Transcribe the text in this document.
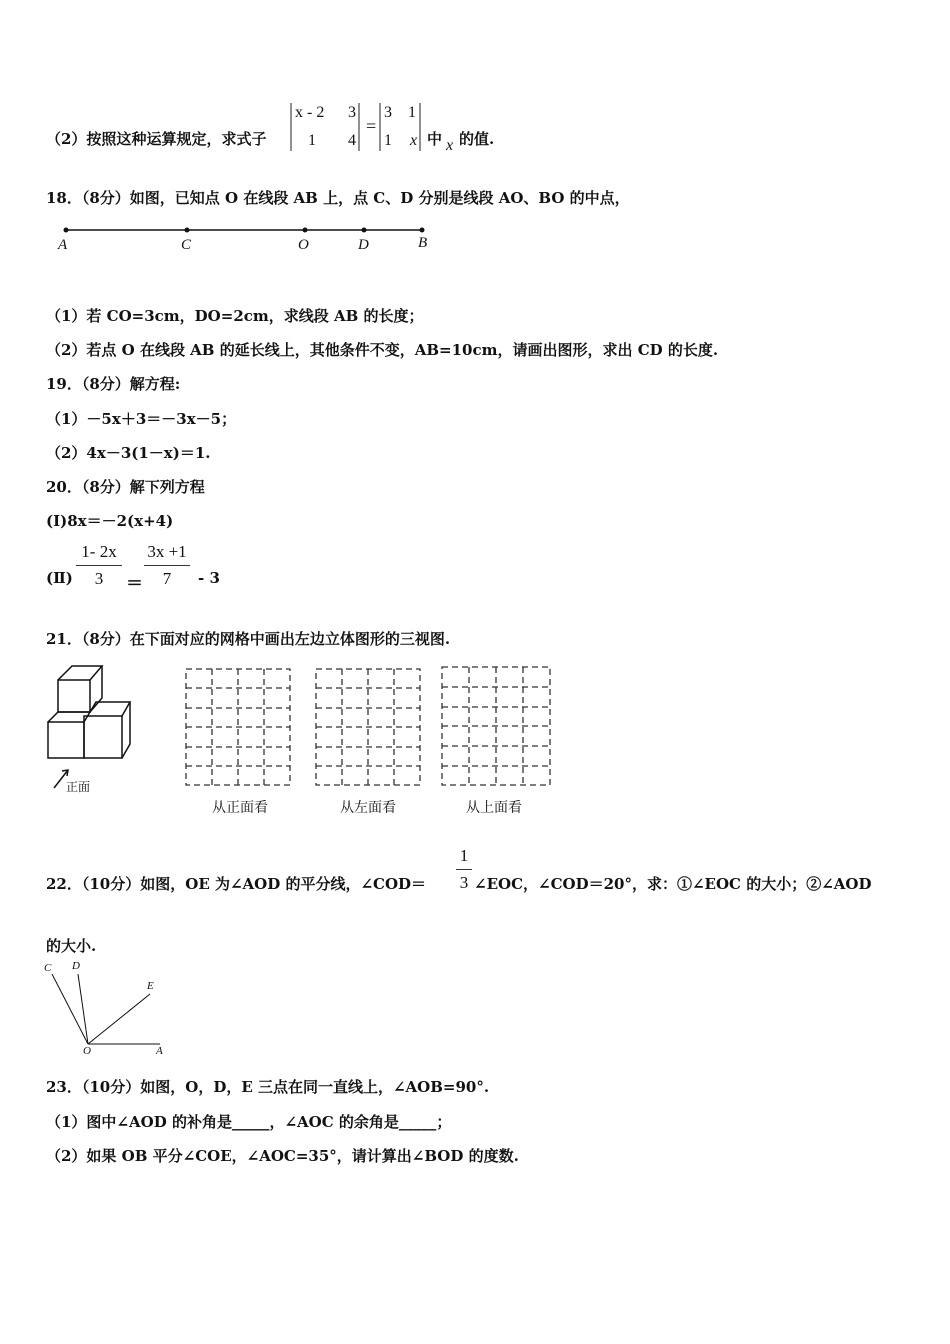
（2）按照这种运算规定，求式子
x - 2 3
1 4
=
3 1
1 x 中 x 的值.
18．（8分）如图，已知点 O 在线段 AB 上，点 C、D 分别是线段 AO、BO 的中点，
A	C	O	D	B
（1）若 CO=3cm，DO=2cm，求线段 AB 的长度；
（2）若点 O 在线段 AB 的延长线上，其他条件不变，AB=10cm，请画出图形，求出 CD 的长度.
19．（8分）解方程:
（1）－5x＋3＝－3x－5；
（2）4x－3(1－x)＝1.
20．（8分）解下列方程
(Ⅰ)8x＝－2(x+4)
(Ⅱ)
1- 2x
3	＝
3x +1
7	- 3
21．（8分）在下面对应的网格中画出左边立体图形的三视图.
正面
从正面看	从左面看	从上面看
22．（10分）如图，OE 为∠AOD 的平分线，∠COD＝
1
3 ∠EOC，∠COD＝20°，求：①∠EOC 的大小；②∠AOD
的大小.
C D
E
O	A
23．（10分）如图，O，D，E 三点在同一直线上，∠AOB=90°.
（1）图中∠AOD 的补角是_____，∠AOC 的余角是_____；
（2）如果 OB 平分∠COE，∠AOC=35°，请计算出∠BOD 的度数.
